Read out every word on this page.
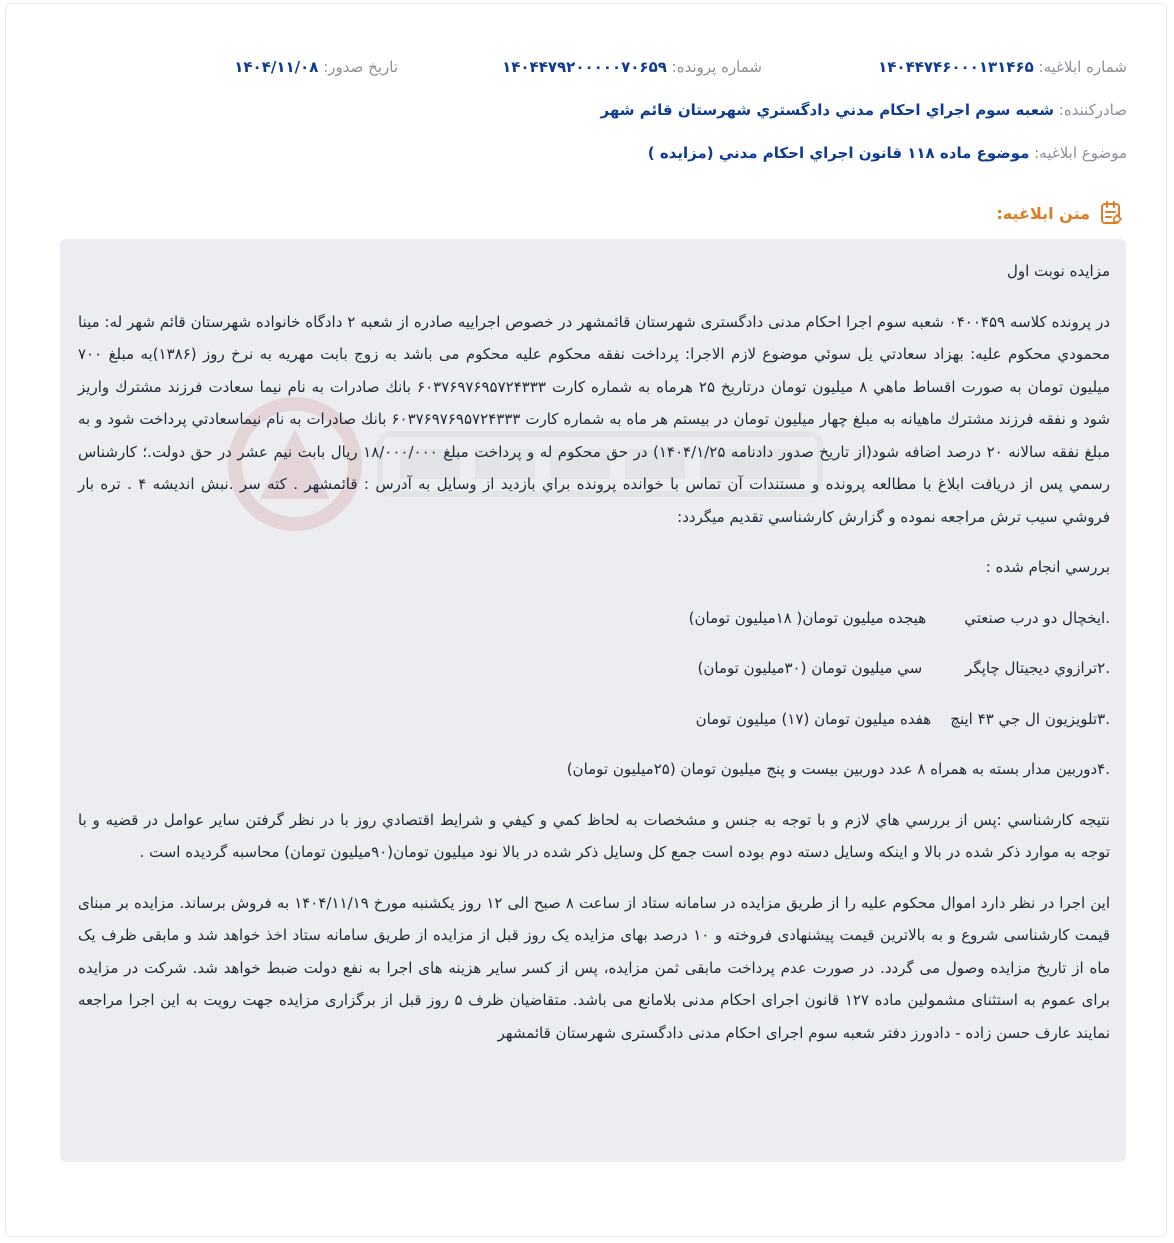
شماره ابلاغیه: ۱۴۰۴۴۷۴۶۰۰۰۱۳۱۴۶۵
شماره پرونده: ۱۴۰۴۴۷۹۲۰۰۰۰۰۷۰۶۵۹
تاریخ صدور: ۱۴۰۴/۱۱/۰۸
صادرکننده: شعبه سوم اجراي احكام مدني دادگستري شهرستان قائم شهر
موضوع ابلاغیه: موضوع ماده ۱۱۸ قانون اجراي احكام مدني (مزايده )
متن ابلاغیه:

مزایده نوبت اول

در پرونده کلاسه ۰۴۰۰۴۵۹ شعبه سوم اجرا احکام مدنی دادگستری شهرستان قائمشهر در خصوص اجراییه صادره از شعبه ۲ دادگاه خانواده شهرستان قائم شهر له: مینا محمودي محكوم عليه: بهزاد سعادتي يل سوئي موضوع لازم الاجرا: پرداخت نفقه محکوم علیه محکوم می باشد به زوج بابت مهریه به نرخ روز (۱۳۸۶)به مبلغ ۷۰۰ میلیون تومان به صورت اقساط ماهي ۸ میلیون تومان درتاریخ ۲۵ هرماه به شماره کارت ۶۰۳۷۶۹۷۶۹۵۷۲۴۳۳۳ بانك صادرات به نام نیما سعادت فرزند مشترك واریز شود و نفقه فرزند مشترك ماهیانه به مبلغ چهار میلیون تومان در بیستم هر ماه به شماره کارت ۶۰۳۷۶۹۷۶۹۵۷۲۴۳۳۳ بانك صادرات به نام نیماسعادتي پرداخت شود و به مبلغ نفقه سالانه ۲۰ درصد اضافه شود(از تاریخ صدور دادنامه ۱۴۰۴/۱/۲۵) در حق محکوم له و پرداخت مبلغ ۱۸/۰۰۰/۰۰۰ ریال بابت نیم عشر در حق دولت.؛ کارشناس رسمي پس از دریافت ابلاغ با مطالعه پرونده و مستندات آن تماس با خوانده پرونده براي بازديد از وسايل به آدرس : قائمشهر . کته سر .نبش اندیشه ۴ . تره بار فروشي سیب ترش مراجعه نموده و گزارش كارشناسي تقديم ميگردد:

بررسي انجام شده :

.ایخچال دو درب صنعتي        هیجده میلیون تومان( ۱۸میلیون تومان)

.۲ترازوي ديجيتال چاپگر         سي ميليون تومان (۳۰ميليون تومان)

.۳تلويزيون ال جي ۴۳ اينچ    هفده ميليون تومان (۱۷) ميليون تومان

.۴دوربين مدار بسته به همراه ۸ عدد دوربين بيست و پنج ميليون تومان (۲۵ميليون تومان)

نتیجه کارشناسي :پس از بررسي هاي لازم و با توجه به جنس و مشخصات به لحاظ كمي و كيفي و شرايط اقتصادي روز با در نظر گرفتن ساير عوامل در قضيه و با توجه به موارد ذکر شده در بالا و اينكه وسايل دسته دوم بوده است جمع كل وسايل ذكر شده در بالا نود ميليون تومان(۹۰ميليون تومان) محاسبه گرديده است .

این اجرا در نظر دارد اموال محکوم علیه را از طریق مزایده در سامانه ستاد از ساعت ۸ صبح الی ۱۲ روز یکشنبه مورخ ۱۴۰۴/۱۱/۱۹ به فروش برساند. مزایده بر مبنای قیمت کارشناسی شروع و به بالاترین قیمت پیشنهادی فروخته و ۱۰ درصد بهای مزایده یک روز قبل از مزایده از طریق سامانه ستاد اخذ خواهد شد و مابقی ظرف یک ماه از تاریخ مزایده وصول می گردد. در صورت عدم پرداخت مابقی ثمن مزایده، پس از کسر سایر هزینه های اجرا به نفع دولت ضبط خواهد شد. شرکت در مزایده برای عموم به استثنای مشمولین ماده ۱۲۷ قانون اجرای احکام مدنی بلامانع می باشد. متقاضیان ظرف ۵ روز قبل از برگزاری مزایده جهت رویت به این اجرا مراجعه نمایند عارف حسن زاده - دادورز دفتر شعبه سوم اجرای احکام مدنی دادگستری شهرستان قائمشهر
